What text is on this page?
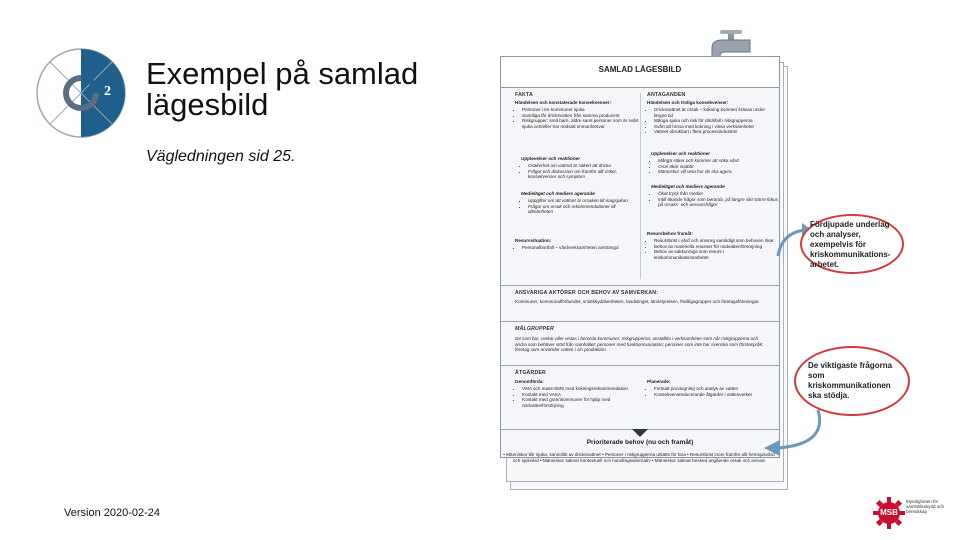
2
Exempel på samlad lägesbild
Vägledningen sid 25.
Version 2020-02-24
SAMLAD LÄGESBILD
FAKTA
Händelsen och konstaterade konsekvenser:
• Personer i tre kommuner sjuka
• Samtliga får dricksvatten från samma producent
• Riskgrupper: små barn, äldre samt personer som är svårt sjuka och/eller har nedsatt immunförsvar
Upplevelser och reaktioner
• Osäkerhet om vattnet är säkert att dricka
• Frågor och diskussion om framför allt risker, konsekvenser och symptom
Medieläget och mediers agerande
• Uppgifter om att vattnet är orsaken till magsjukan
• Frågor om orsak och rekommendationer till allmänheten
Resurssituation:
• Personalbortfall – vårdverksamheten ansträngd
ANTAGANDEN
Händelsen och troliga konsekvenser:
• Dricksvattnet är orsak – kokning kommer krävas under längre tid
• Många sjuka och risk för dödsfall i riskgrupperna
• Svårt att hinna med kokning i vissa verksamheter
• Vattnet obrukbart i flera processindustrier
Upplevelser och reaktioner
• Många söker och kommer att söka vård
• Oron ökar snabbt
• Människor vill veta hur de ska agera
Medieläget och mediers agerande
• Ökat tryck från medier
• Intill ökande frågor som berörda, på längre sikt större fokus på orsaks- och ansvarsfrågor
Resursbehov framåt:
• Resursbrist i vård och omsorg samtidigt som behoven ökar
• Behov av materiella resurser för nödvattenförsörjning
• Behov av sakkunniga som resurs i kriskommunikationsarbetet
ANSVARIGA AKTÖRER OCH BEHOV AV SAMVERKAN:
Kommuner, kommunalförbundet, smittskyddsenheten, landstinget, länsstyrelsen, frivilligagrupper och företagsföreningar.
MÅLGRUPPER
De som bor, verkar eller vistas i berörda kommuner; riskgrupperna; anställda i verksamheter som når riskgrupperna och andra som behöver stöd från samhället; personer med funktionsvariation; personer som inte har svenska som förstaspråk; företag som använder vatten i sin produktion.
ÅTGÄRDER
Genomförda:
• VMA och mass-SMS med kokningsrekommendation
• Kontakt med VAKA
• Kontakt med grannkommuner för hjälp med nödvattenförsörjning
Planerade:
• Fortsatt provtagning och analys av vatten
• Konsekvensreducerande åtgärder i vattenverket
Prioriterade behov (nu och framåt)
• Människor blir sjuka, sannolikt av dricksvattnet • Personer i riskgrupperna utsätts för fara • Resursbrist inom framför allt hemsjukvård och sjukvård • Människor saknar kontextuell och handlingsalternativ • Människor saknar besked angående orsak och ansvar
Fördjupade underlag och analyser, exempelvis för kriskommunikations-arbetet.
De viktigaste frågorna som kriskommunikationen ska stödja.
MSB
Myndigheten för samhällsskydd och beredskap
